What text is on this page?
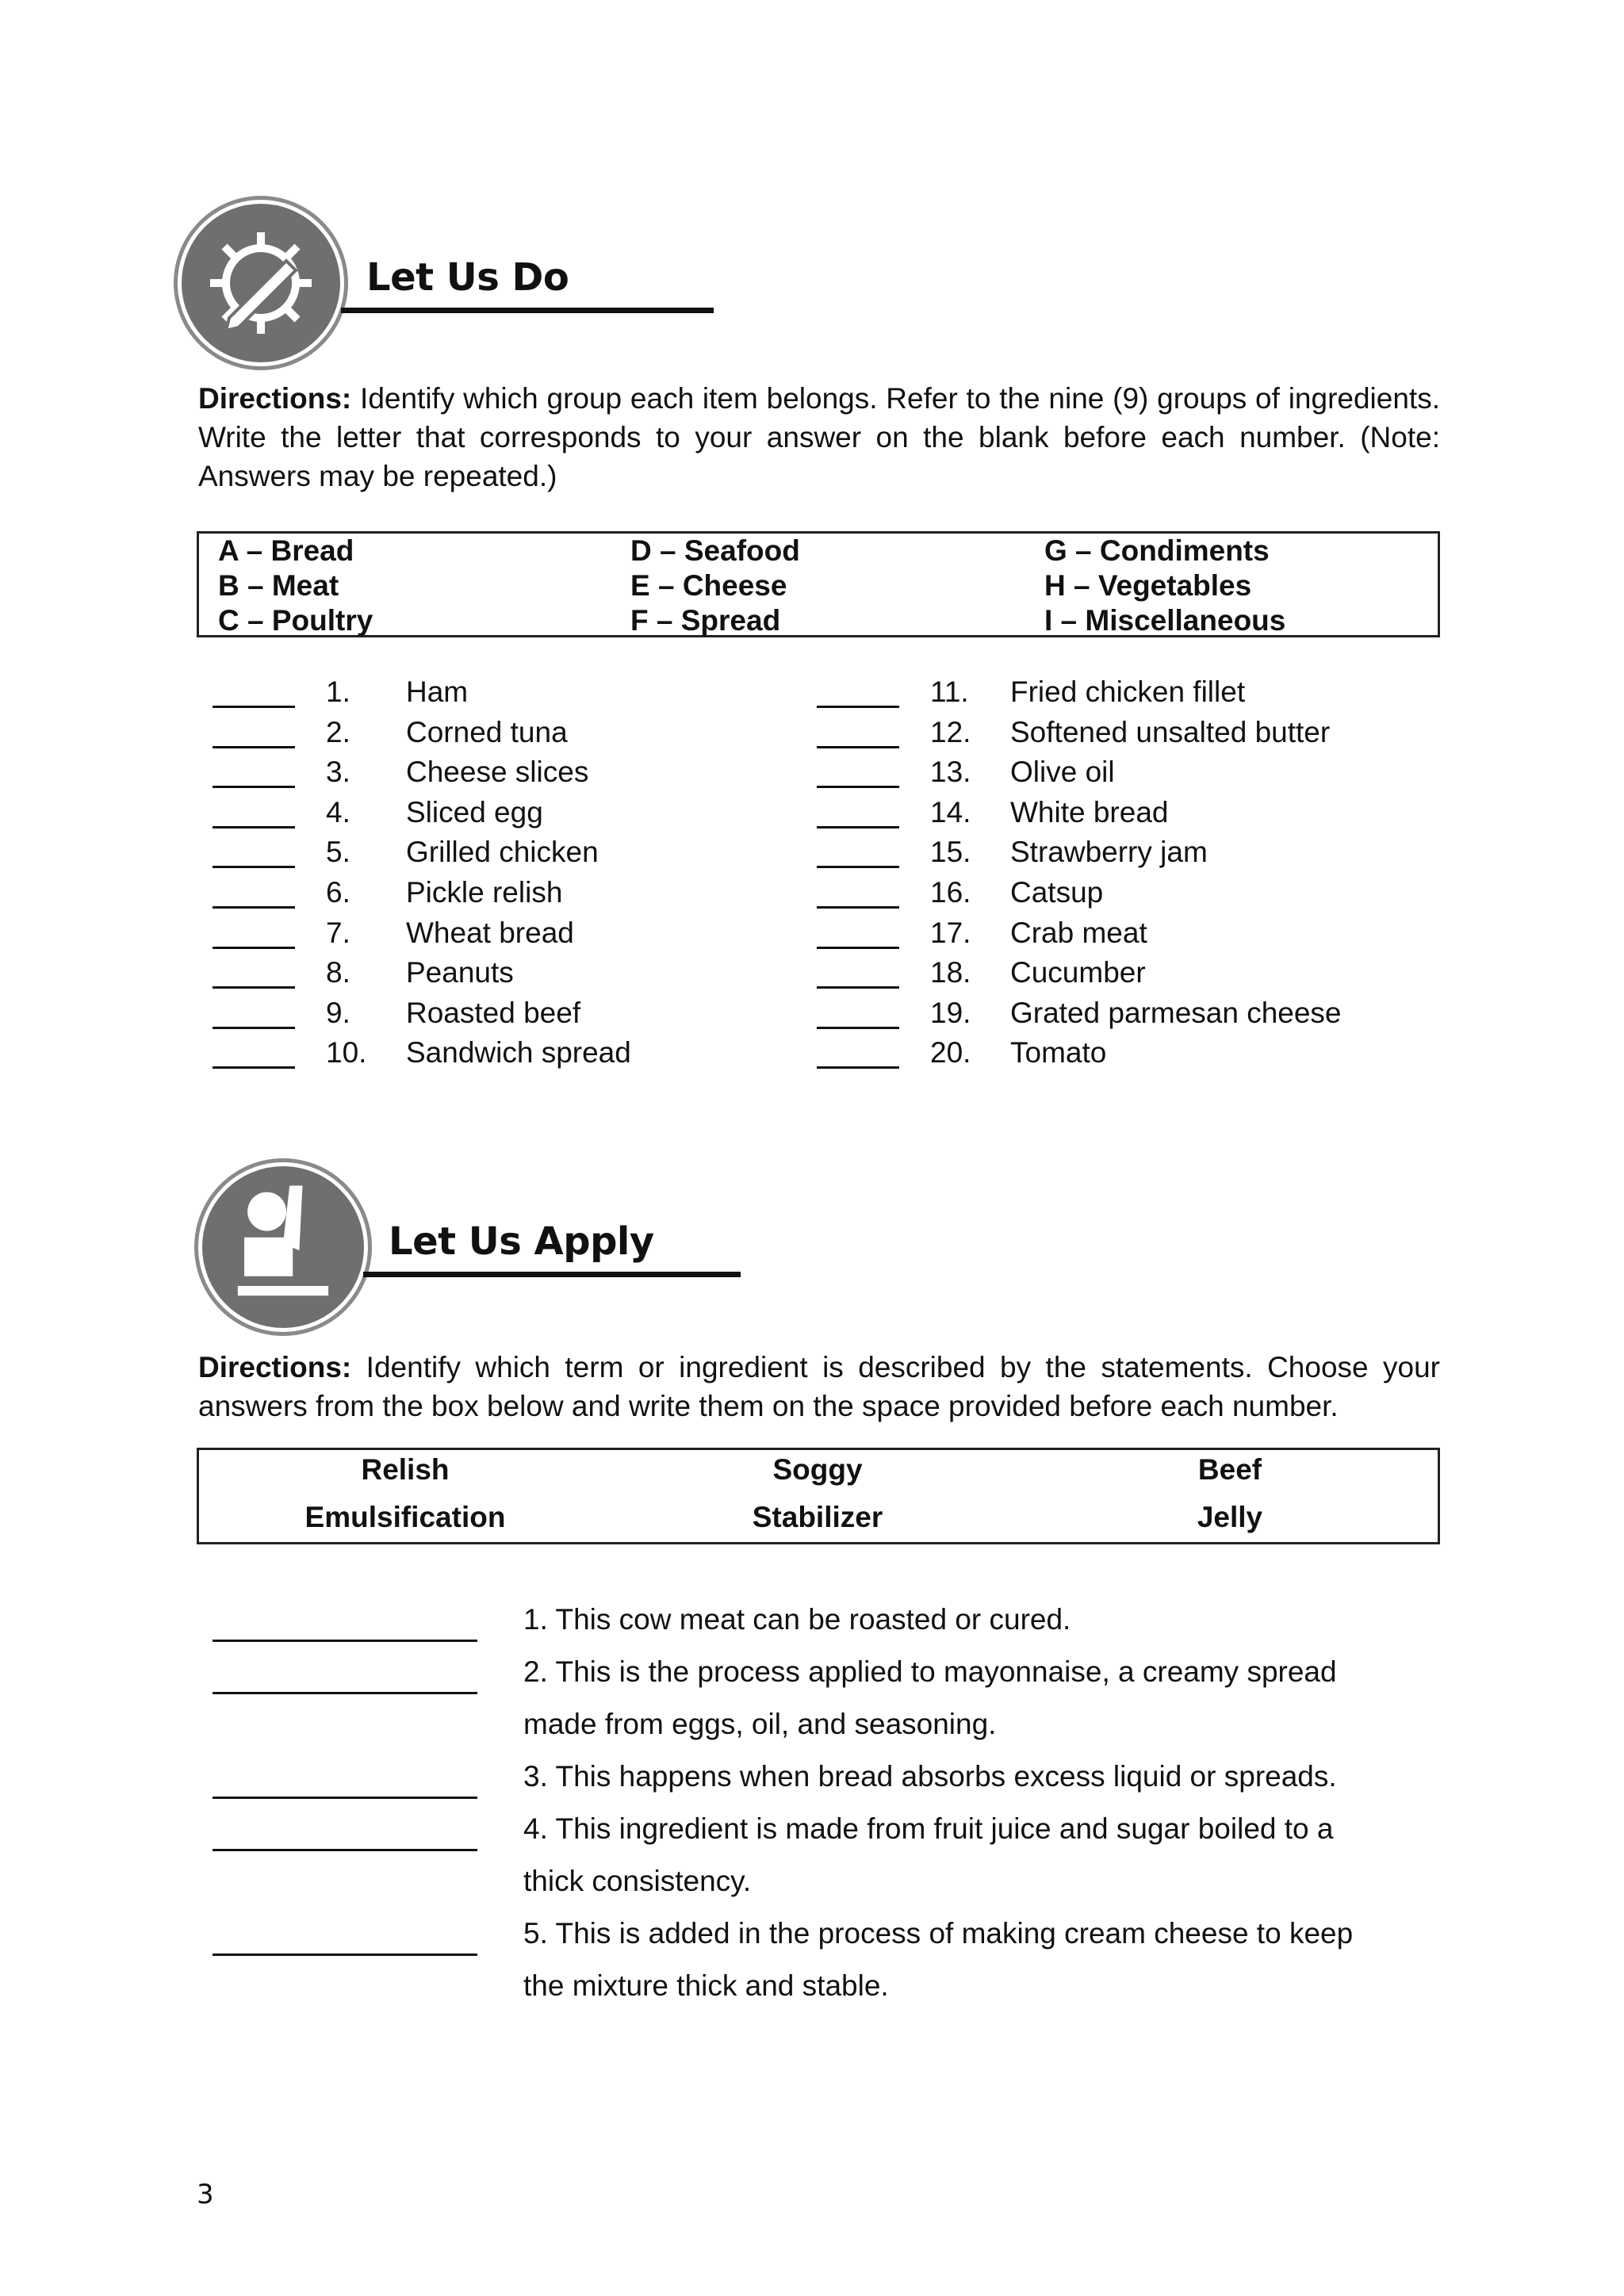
Let Us Do
Directions: Identify which group each item belongs. Refer to the nine (9) groups of ingredients. Write the letter that corresponds to your answer on the blank before each number. (Note: Answers may be repeated.)
A – Bread
B – Meat
C – Poultry
D – Seafood
E – Cheese
F – Spread
G – Condiments
H – Vegetables
I – Miscellaneous
1. Ham
2. Corned tuna
3. Cheese slices
4. Sliced egg
5. Grilled chicken
6. Pickle relish
7. Wheat bread
8. Peanuts
9. Roasted beef
10. Sandwich spread
11. Fried chicken fillet
12. Softened unsalted butter
13. Olive oil
14. White bread
15. Strawberry jam
16. Catsup
17. Crab meat
18. Cucumber
19. Grated parmesan cheese
20. Tomato
Let Us Apply
Directions: Identify which term or ingredient is described by the statements. Choose your answers from the box below and write them on the space provided before each number.
Relish	Soggy	Beef
Emulsification	Stabilizer	Jelly
1. This cow meat can be roasted or cured.
2. This is the process applied to mayonnaise, a creamy spread
made from eggs, oil, and seasoning.
3. This happens when bread absorbs excess liquid or spreads.
4. This ingredient is made from fruit juice and sugar boiled to a
thick consistency.
5. This is added in the process of making cream cheese to keep
the mixture thick and stable.
3
